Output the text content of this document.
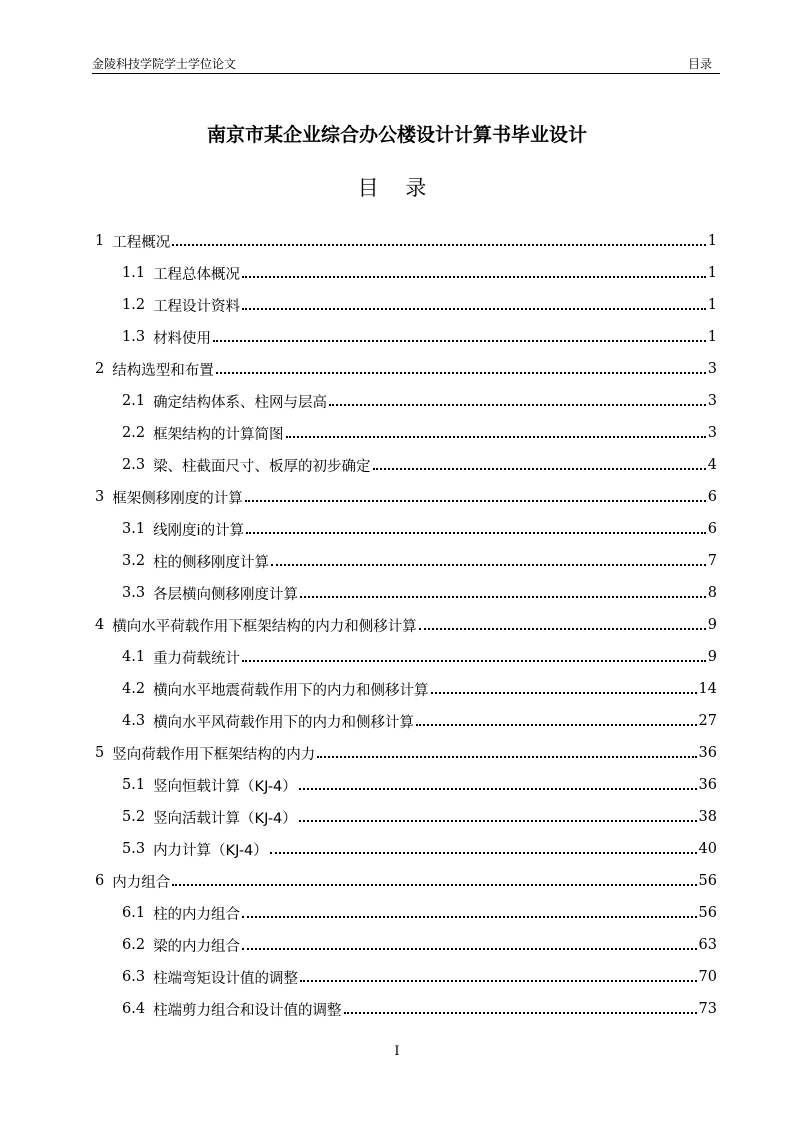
金陵科技学院学士学位论文	目录
南京市某企业综合办公楼设计计算书毕业设计
目 录
1 工程概况	1
1.1 工程总体概况	1
1.2 工程设计资料	1
1.3 材料使用	1
2 结构选型和布置	3
2.1 确定结构体系、柱网与层高	3
2.2 框架结构的计算简图	3
2.3 梁、柱截面尺寸、板厚的初步确定	4
3 框架侧移刚度的计算	6
3.1 线刚度i的计算	6
3.2 柱的侧移刚度计算	7
3.3 各层横向侧移刚度计算	8
4 横向水平荷载作用下框架结构的内力和侧移计算	9
4.1 重力荷载统计	9
4.2 横向水平地震荷载作用下的内力和侧移计算	14
4.3 横向水平风荷载作用下的内力和侧移计算	27
5 竖向荷载作用下框架结构的内力	36
5.1 竖向恒载计算（KJ-4）	36
5.2 竖向活载计算（KJ-4）	38
5.3 内力计算（KJ-4）	40
6 内力组合	56
6.1 柱的内力组合	56
6.2 梁的内力组合	63
6.3 柱端弯矩设计值的调整	70
6.4 柱端剪力组合和设计值的调整	73
I
